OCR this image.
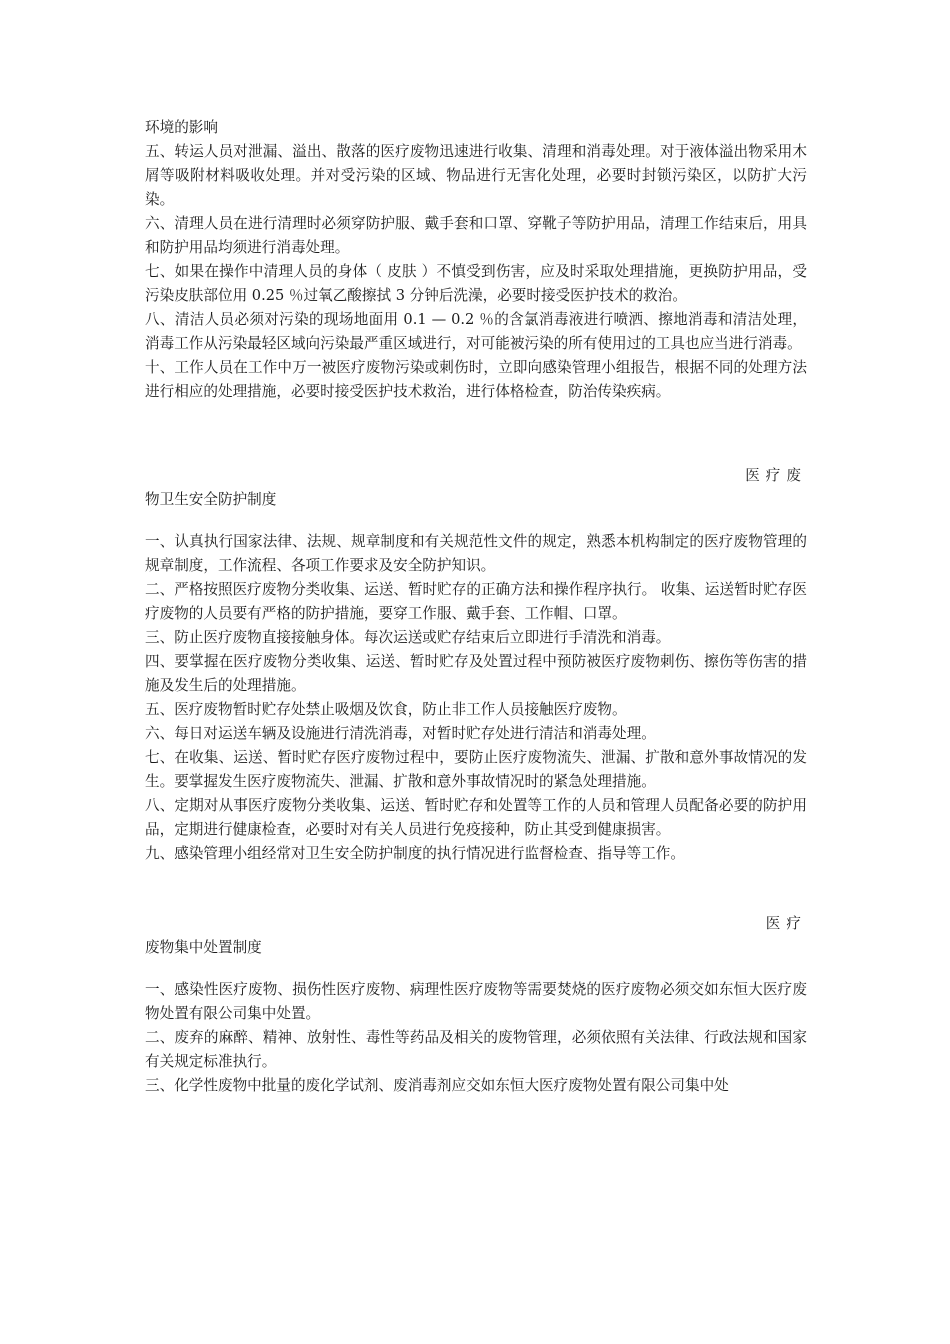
环境的影响

五、转运人员对泄漏、溢出、散落的医疗废物迅速进行收集、清理和消毒处理。对于液体溢出物采用木屑等吸附材料吸收处理。并对受污染的区域、物品进行无害化处理，必要时封锁污染区，以防扩大污染。

六、清理人员在进行清理时必须穿防护服、戴手套和口罩、穿靴子等防护用品，清理工作结束后，用具和防护用品均须进行消毒处理。

七、如果在操作中清理人员的身体（ 皮肤 ）不慎受到伤害，应及时采取处理措施，更换防护用品，受污染皮肤部位用 0.25 ％过氧乙酸擦拭 3 分钟后洗澡，必要时接受医护技术的救治。

八、清洁人员必须对污染的现场地面用 0.1 — 0.2 ％的含氯消毒液进行喷洒、擦地消毒和清洁处理，消毒工作从污染最轻区域向污染最严重区域进行，对可能被污染的所有使用过的工具也应当进行消毒。

十、工作人员在工作中万一被医疗废物污染或刺伤时，立即向感染管理小组报告，根据不同的处理方法进行相应的处理措施，必要时接受医护技术救治，进行体格检查，防治传染疾病。

医疗废

物卫生安全防护制度

一、认真执行国家法律、法规、规章制度和有关规范性文件的规定，熟悉本机构制定的医疗废物管理的规章制度，工作流程、各项工作要求及安全防护知识。

二、严格按照医疗废物分类收集、运送、暂时贮存的正确方法和操作程序执行。 收集、运送暂时贮存医疗废物的人员要有严格的防护措施，要穿工作服、戴手套、工作帽、口罩。

三、防止医疗废物直接接触身体。每次运送或贮存结束后立即进行手清洗和消毒。

四、要掌握在医疗废物分类收集、运送、暂时贮存及处置过程中预防被医疗废物刺伤、擦伤等伤害的措施及发生后的处理措施。

五、医疗废物暂时贮存处禁止吸烟及饮食，防止非工作人员接触医疗废物。

六、每日对运送车辆及设施进行清洗消毒，对暂时贮存处进行清洁和消毒处理。

七、在收集、运送、暂时贮存医疗废物过程中，要防止医疗废物流失、泄漏、扩散和意外事故情况的发生。要掌握发生医疗废物流失、泄漏、扩散和意外事故情况时的紧急处理措施。

八、定期对从事医疗废物分类收集、运送、暂时贮存和处置等工作的人员和管理人员配备必要的防护用品，定期进行健康检查，必要时对有关人员进行免疫接种，防止其受到健康损害。

九、感染管理小组经常对卫生安全防护制度的执行情况进行监督检查、指导等工作。

医疗

废物集中处置制度

一、感染性医疗废物、损伤性医疗废物、病理性医疗废物等需要焚烧的医疗废物必须交如东恒大医疗废物处置有限公司集中处置。

二、废弃的麻醉、精神、放射性、毒性等药品及相关的废物管理，必须依照有关法律、行政法规和国家有关规定标准执行。

三、化学性废物中批量的废化学试剂、废消毒剂应交如东恒大医疗废物处置有限公司集中处
